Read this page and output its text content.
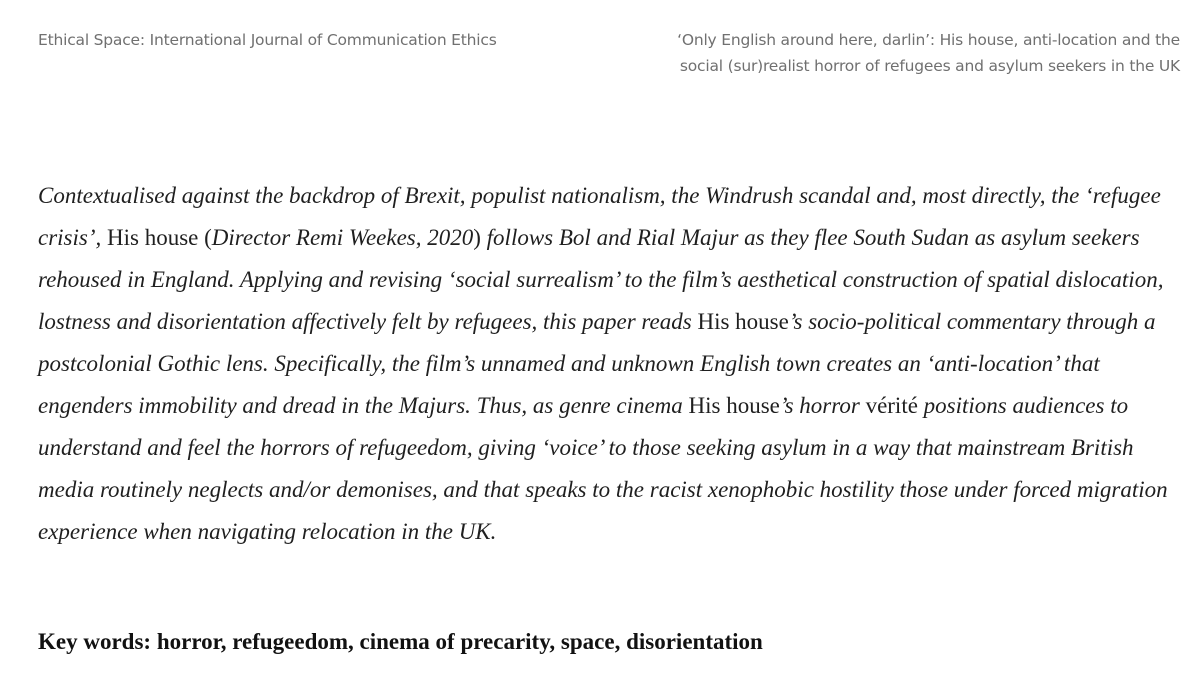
Ethical Space: International Journal of Communication Ethics	‘Only English around here, darlin’: His house, anti-location and the
social (sur)realist horror of refugees and asylum seekers in the UK

Contextualised against the backdrop of Brexit, populist nationalism, the Windrush scandal and, most directly, the ‘refugee crisis’, His house (Director Remi Weekes, 2020) follows Bol and Rial Majur as they flee South Sudan as asylum seekers rehoused in England. Applying and revising ‘social surrealism’ to the film’s aesthetical construction of spatial dislocation, lostness and disorientation affectively felt by refugees, this paper reads His house’s socio-political commentary through a postcolonial Gothic lens. Specifically, the film’s unnamed and unknown English town creates an ‘anti-location’ that engenders immobility and dread in the Majurs. Thus, as genre cinema His house’s horror vérité positions audiences to understand and feel the horrors of refugeedom, giving ‘voice’ to those seeking asylum in a way that mainstream British media routinely neglects and/or demonises, and that speaks to the racist xenophobic hostility those under forced migration experience when navigating relocation in the UK.

Key words: horror, refugeedom, cinema of precarity, space, disorientation
